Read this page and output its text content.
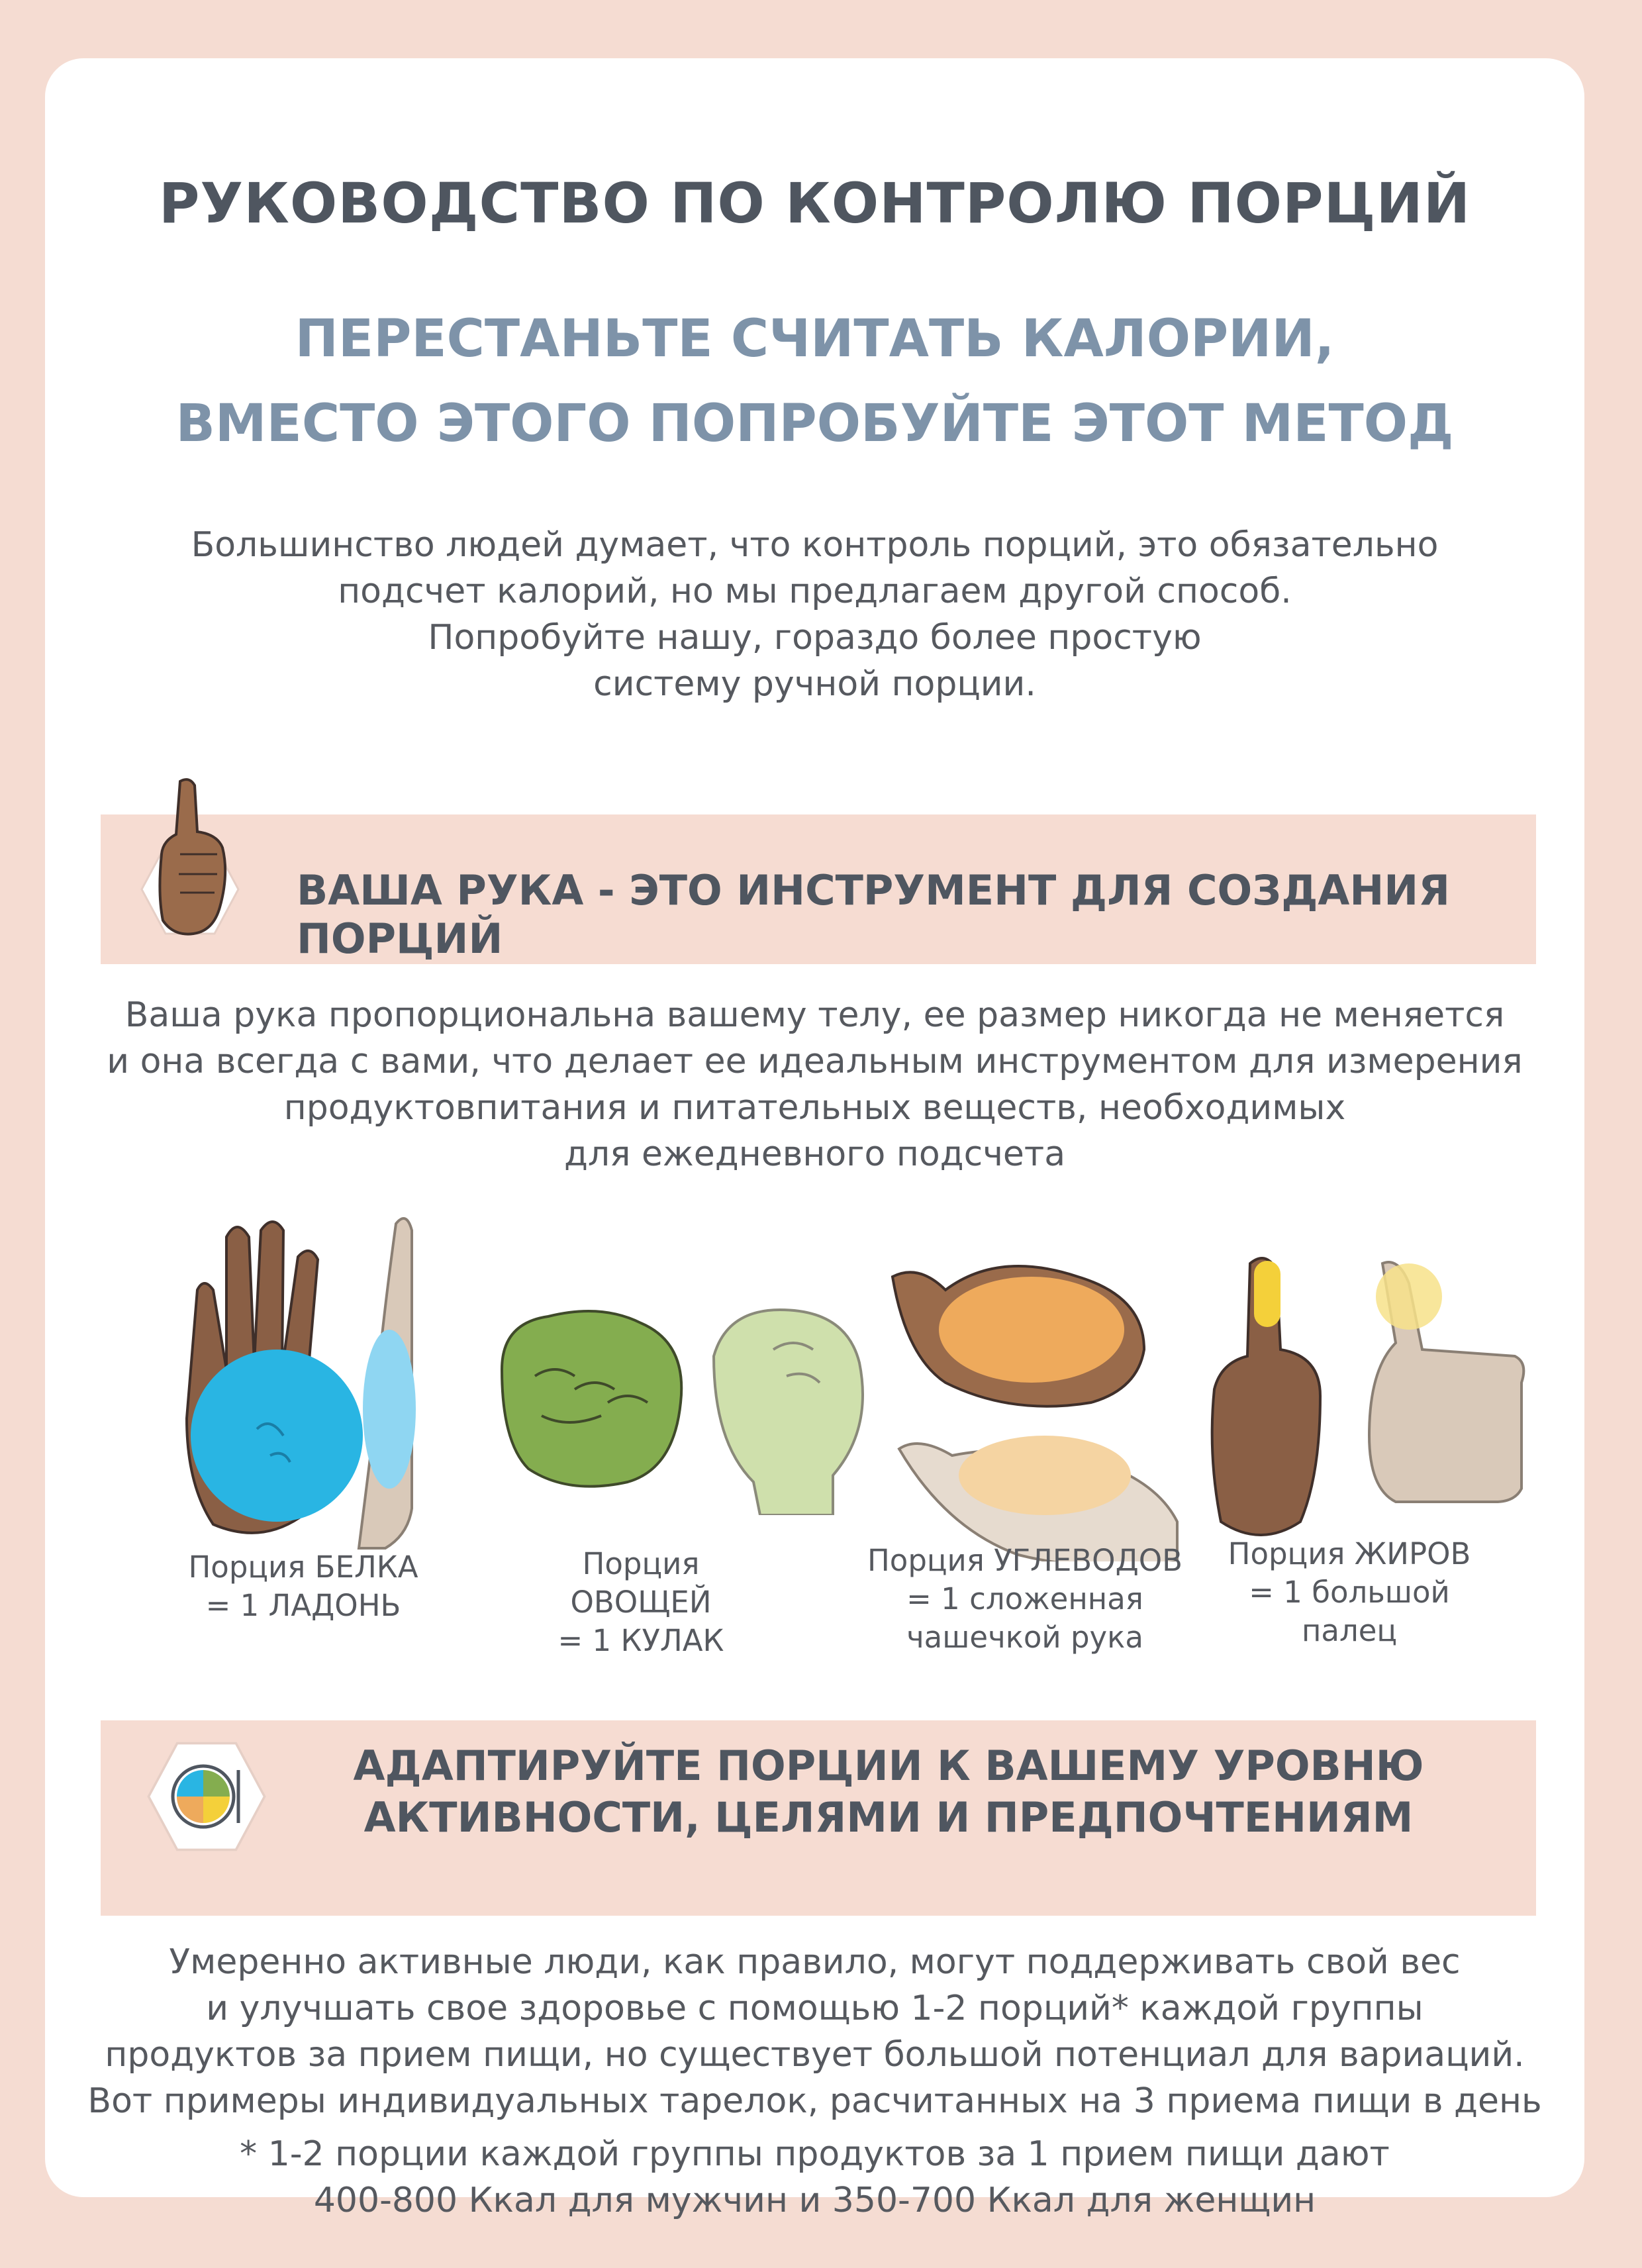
РУКОВОДСТВО ПО КОНТРОЛЮ ПОРЦИЙ
ПЕРЕСТАНЬТЕ СЧИТАТЬ КАЛОРИИ,
ВМЕСТО ЭТОГО ПОПРОБУЙТЕ ЭТОТ МЕТОД
Большинство людей думает, что контроль порций, это обязательно
подсчет калорий, но мы предлагаем другой способ.
Попробуйте нашу, гораздо более простую
систему ручной порции.
ВАША РУКА - ЭТО ИНСТРУМЕНТ ДЛЯ СОЗДАНИЯ ПОРЦИЙ
Ваша рука пропорциональна вашему телу, ее размер никогда не меняется
и она всегда с вами, что делает ее идеальным инструментом для измерения
продуктовпитания и питательных веществ, необходимых
для ежедневного подсчета
Порция БЕЛКА
= 1 ЛАДОНЬ
Порция ОВОЩЕЙ
= 1 КУЛАК
Порция УГЛЕВОДОВ
= 1 сложенная
чашечкой рука
Порция ЖИРОВ
= 1 большой
палец
АДАПТИРУЙТЕ ПОРЦИИ К ВАШЕМУ УРОВНЮ
АКТИВНОСТИ, ЦЕЛЯМИ И ПРЕДПОЧТЕНИЯМ
Умеренно активные люди, как правило, могут поддерживать свой вес
и улучшать свое здоровье с помощью 1-2 порций* каждой группы
продуктов за прием пищи, но существует большой потенциал для вариаций.
Вот примеры индивидуальных тарелок, расчитанных на 3 приема пищи в день
* 1-2 порции каждой группы продуктов за 1 прием пищи дают
400-800 Ккал для мужчин и 350-700 Ккал для женщин
